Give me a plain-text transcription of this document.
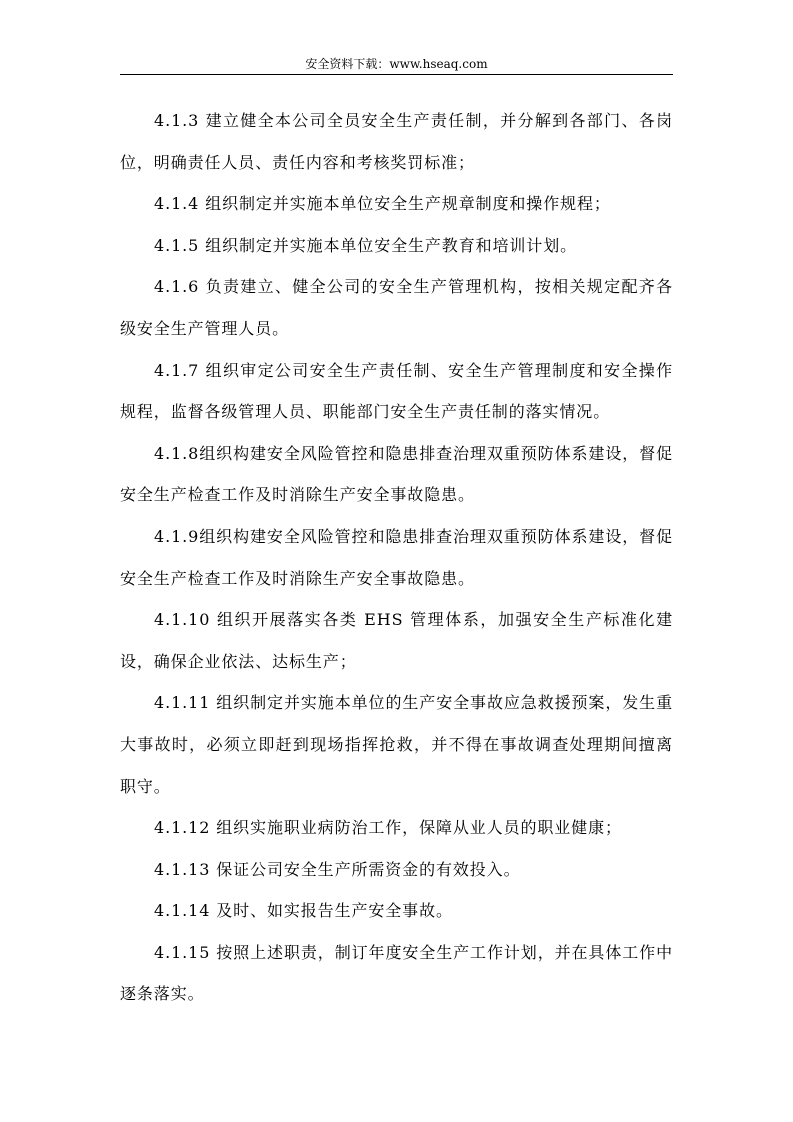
安全资料下载：www.hseaq.com

4.1.3 建立健全本公司全员安全生产责任制，并分解到各部门、各岗位，明确责任人员、责任内容和考核奖罚标准；

4.1.4 组织制定并实施本单位安全生产规章制度和操作规程；

4.1.5 组织制定并实施本单位安全生产教育和培训计划。

4.1.6 负责建立、健全公司的安全生产管理机构，按相关规定配齐各级安全生产管理人员。

4.1.7 组织审定公司安全生产责任制、安全生产管理制度和安全操作规程，监督各级管理人员、职能部门安全生产责任制的落实情况。

4.1.8组织构建安全风险管控和隐患排查治理双重预防体系建设，督促安全生产检查工作及时消除生产安全事故隐患。

4.1.9组织构建安全风险管控和隐患排查治理双重预防体系建设，督促安全生产检查工作及时消除生产安全事故隐患。

4.1.10 组织开展落实各类 EHS 管理体系，加强安全生产标准化建设，确保企业依法、达标生产；

4.1.11 组织制定并实施本单位的生产安全事故应急救援预案，发生重大事故时，必须立即赶到现场指挥抢救，并不得在事故调查处理期间擅离职守。

4.1.12 组织实施职业病防治工作，保障从业人员的职业健康；

4.1.13 保证公司安全生产所需资金的有效投入。

4.1.14 及时、如实报告生产安全事故。

4.1.15 按照上述职责，制订年度安全生产工作计划，并在具体工作中逐条落实。
